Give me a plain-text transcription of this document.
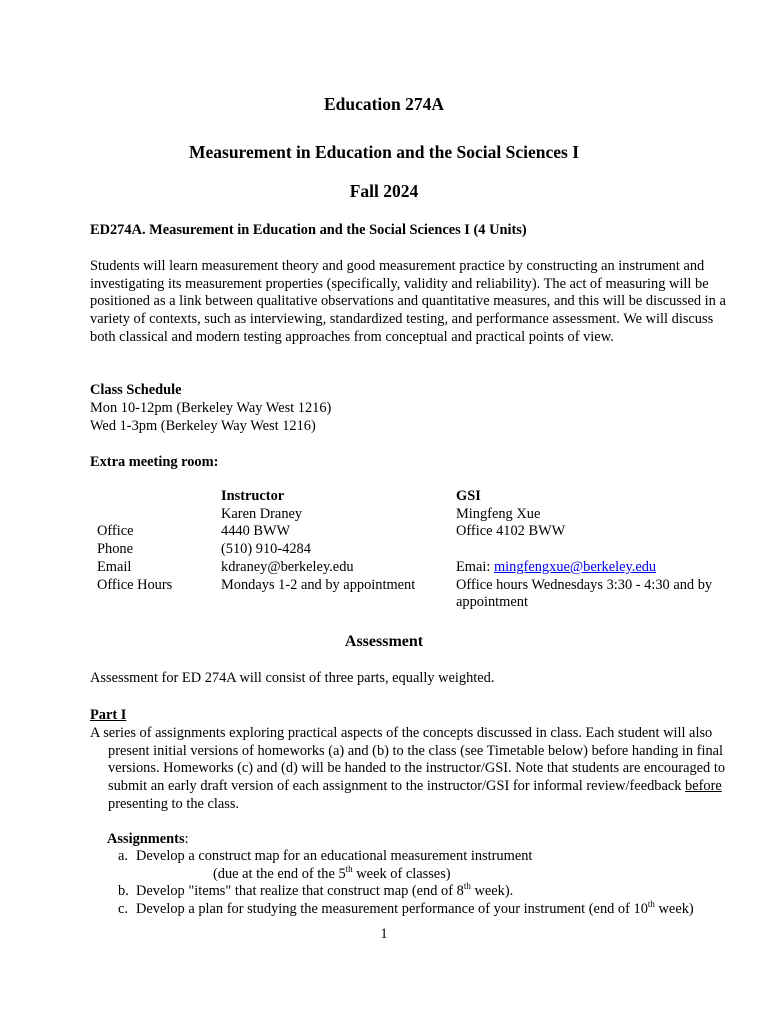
Education 274A
Measurement in Education and the Social Sciences I
Fall 2024

ED274A. Measurement in Education and the Social Sciences I (4 Units)

Students will learn measurement theory and good measurement practice by constructing an instrument and investigating its measurement properties (specifically, validity and reliability). The act of measuring will be positioned as a link between qualitative observations and quantitative measures, and this will be discussed in a variety of contexts, such as interviewing, standardized testing, and performance assessment. We will discuss both classical and modern testing approaches from conceptual and practical points of view.

Class Schedule

Mon 10-12pm (Berkeley Way West 1216)

Wed 1-3pm (Berkeley Way West 1216)

Extra meeting room:

	Instructor	GSI
	Karen Draney	Mingfeng Xue
Office	4440 BWW	Office 4102 BWW
Phone	(510) 910-4284	
Email	kdraney@berkeley.edu	Emai: mingfengxue@berkeley.edu
Office Hours	Mondays 1-2 and by appointment	Office hours Wednesdays 3:30 - 4:30 and by appointment
Assessment

Assessment for ED 274A will consist of three parts, equally weighted.

Part I

A series of assignments exploring practical aspects of the concepts discussed in class. Each student will also present initial versions of homeworks (a) and (b) to the class (see Timetable below) before handing in final versions. Homeworks (c) and (d) will be handed to the instructor/GSI. Note that students are encouraged to submit an early draft version of each assignment to the instructor/GSI for informal review/feedback before presenting to the class.

Assignments:
a. Develop a construct map for an educational measurement instrument
(due at the end of the 5th week of classes)
b. Develop "items" that realize that construct map (end of 8th week).
c. Develop a plan for studying the measurement performance of your instrument (end of 10th week)
1
